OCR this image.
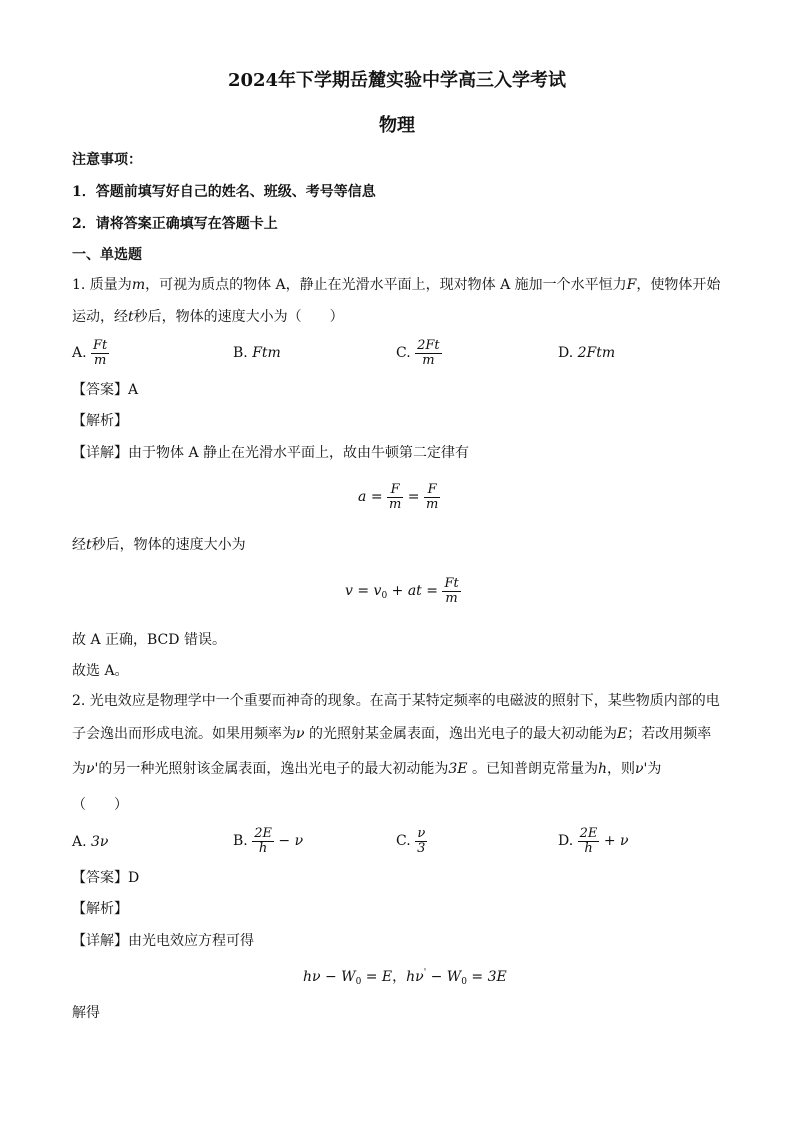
2024年下学期岳麓实验中学高三入学考试
物理
注意事项：
1．答题前填写好自己的姓名、班级、考号等信息
2．请将答案正确填写在答题卡上
一、单选题
1. 质量为m，可视为质点的物体 A，静止在光滑水平面上，现对物体 A 施加一个水平恒力F，使物体开始
运动，经t秒后，物体的速度大小为（　　）
A. $\frac{Ft}{m}$	B. Ftm	C. $\frac{2Ft}{m}$	D. 2Ftm
【答案】A
【解析】
【详解】由于物体 A 静止在光滑水平面上，故由牛顿第二定律有
$a = \frac{F}{m} = \frac{F}{m}$
经t秒后，物体的速度大小为
$v = v_0$ + at = $\frac{Ft}{m}$
故 A 正确，BCD 错误。
故选 A。
2. 光电效应是物理学中一个重要而神奇的现象。在高于某特定频率的电磁波的照射下，某些物质内部的电
子会逸出而形成电流。如果用频率为ν 的光照射某金属表面，逸出光电子的最大初动能为E；若改用频率
为ν'的另一种光照射该金属表面，逸出光电子的最大初动能为3E 。已知普朗克常量为h，则ν'为
（　　）
A. 3ν	B. $\frac{2E}{h} - \nu$	C. $\frac{\nu}{3}$	D. $\frac{2E}{h} + \nu$
【答案】D
【解析】
【详解】由光电效应方程可得
$h\nu - W_0 = E$，$h\nu' - W_0 = 3E$
解得
